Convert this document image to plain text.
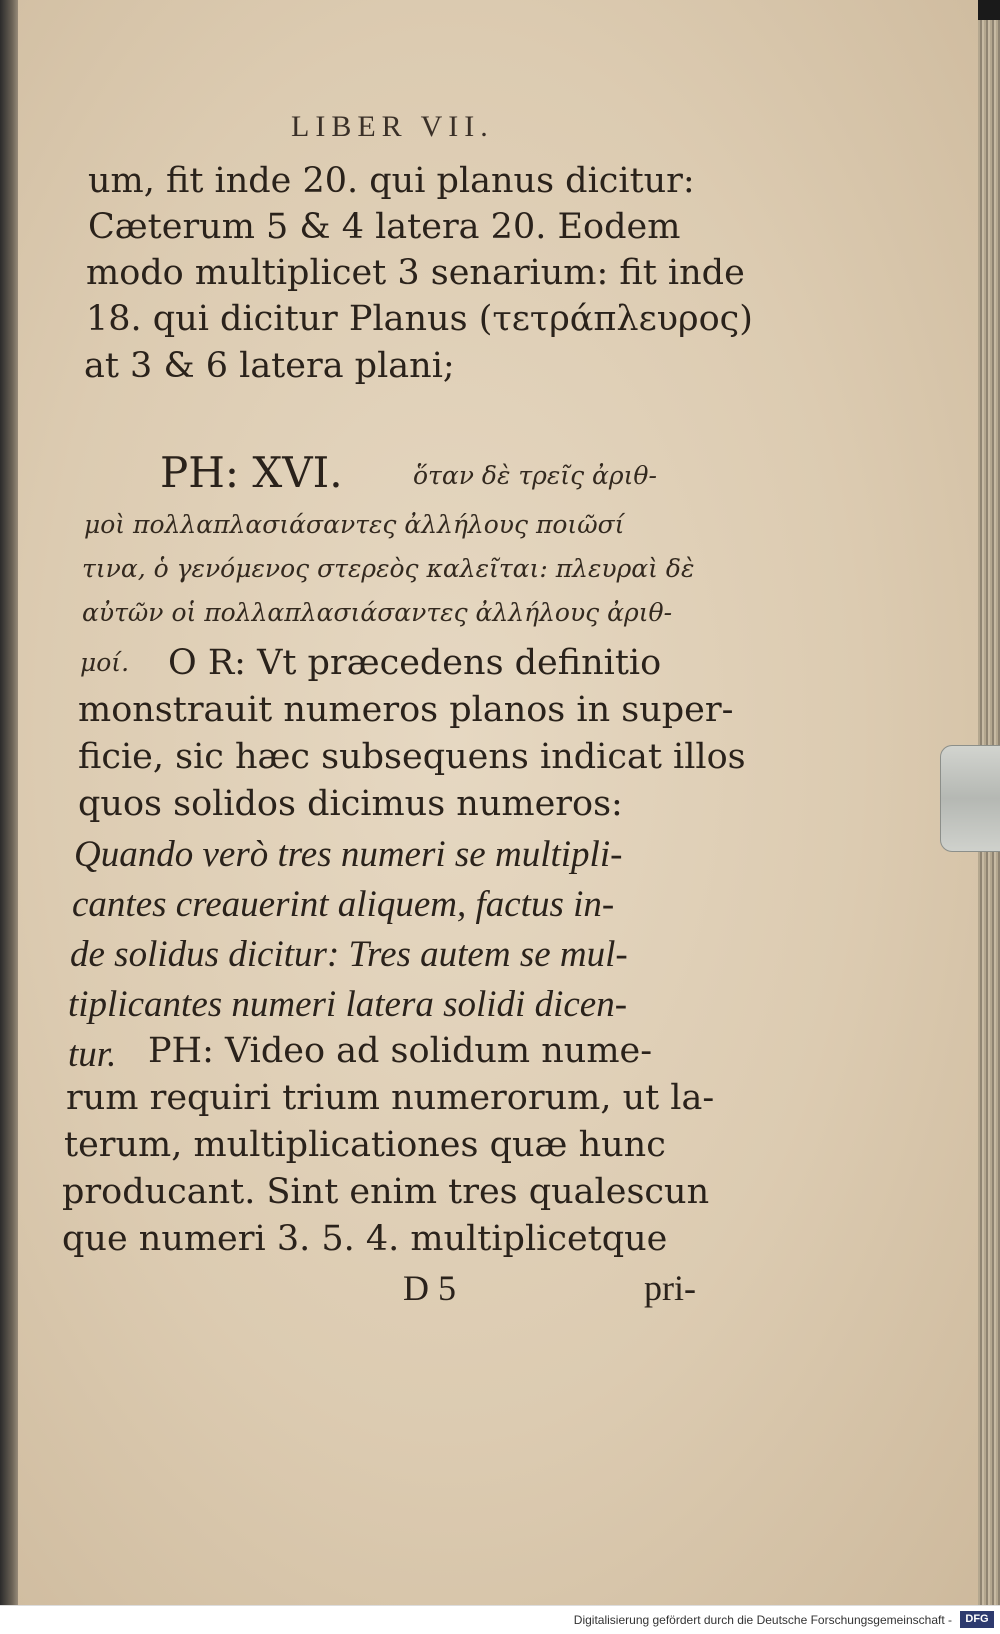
LIBER VII.

um, fit inde 20. qui planus dicitur:

Cæterum 5 & 4 latera 20. Eodem

modo multiplicet 3 senarium: fit inde

18. qui dicitur Planus (τετράπλευρος)

at 3 & 6 latera plani;

PH: XVI.	ὅταν δὲ τρεῖς ἀριθ-

μοὶ πολλαπλασιάσαντες ἀλλήλους ποιῶσί

τινα, ὁ γενόμενος στερεὸς καλεῖται: πλευραὶ δὲ

αὐτῶν οἱ πολλαπλασιάσαντες ἀλλήλους ἀριθ-

μοί. O R: Vt præcedens definitio

monstrauit numeros planos in super-

ficie, sic hæc subsequens indicat illos

quos solidos dicimus numeros:

Quando verò tres numeri se multipli-

cantes creauerint aliquem, factus in-

de solidus dicitur: Tres autem se mul-

tiplicantes numeri latera solidi dicen-

tur. PH: Video ad solidum nume-

rum requiri trium numerorum, ut la-

terum, multiplicationes quæ hunc

producant. Sint enim tres qualescun

que numeri 3. 5. 4. multiplicetque

D 5	pri-

Digitalisierung gefördert durch die Deutsche Forschungsgemeinschaft -	DFG
